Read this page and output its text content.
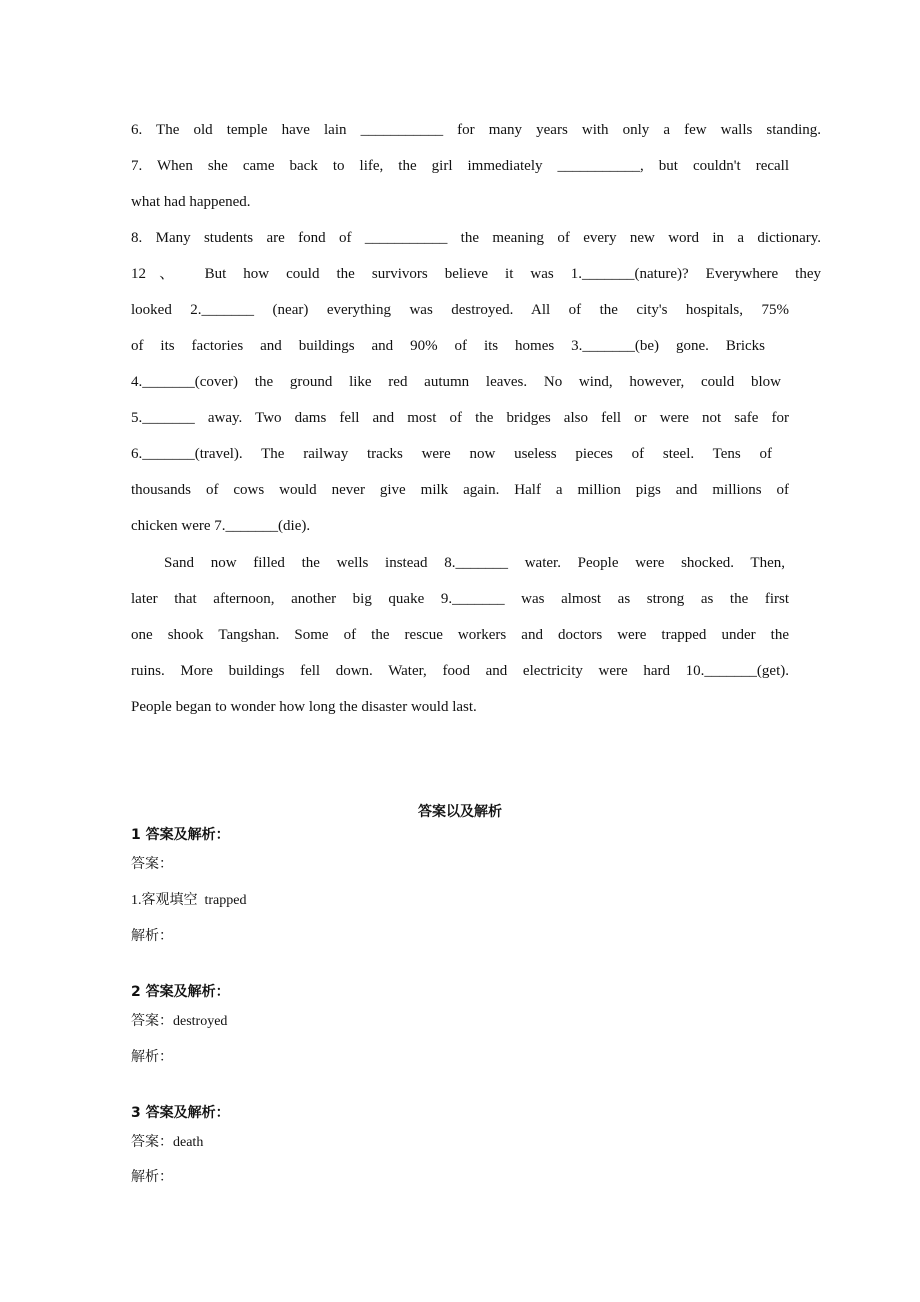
6. The old temple have lain ___________ for many years with only a few walls standing.
7. When she came back to life, the girl immediately ___________, but couldn't recall
what had happened.
8. Many students are fond of ___________ the meaning of every new word in a dictionary.
12、 But how could the survivors believe it was 1._______(nature)? Everywhere they
looked 2._______ (near) everything was destroyed. All of the city's hospitals, 75%
of its factories and buildings and 90% of its homes 3._______(be) gone. Bricks
4._______(cover) the ground like red autumn leaves. No wind, however, could blow
5._______ away. Two dams fell and most of the bridges also fell or were not safe for
6._______(travel). The railway tracks were now useless pieces of steel. Tens of
thousands of cows would never give milk again. Half a million pigs and millions of
chicken were 7._______(die).
Sand now filled the wells instead 8._______ water. People were shocked. Then,
later that afternoon, another big quake 9._______ was almost as strong as the first
one shook Tangshan. Some of the rescue workers and doctors were trapped under the
ruins. More buildings fell down. Water, food and electricity were hard 10._______(get).
People began to wonder how long the disaster would last.
答案以及解析
1 答案及解析：
答案：
1.客观填空  trapped
解析：
2 答案及解析：
答案：destroyed
解析：
3 答案及解析：
答案：death
解析：
